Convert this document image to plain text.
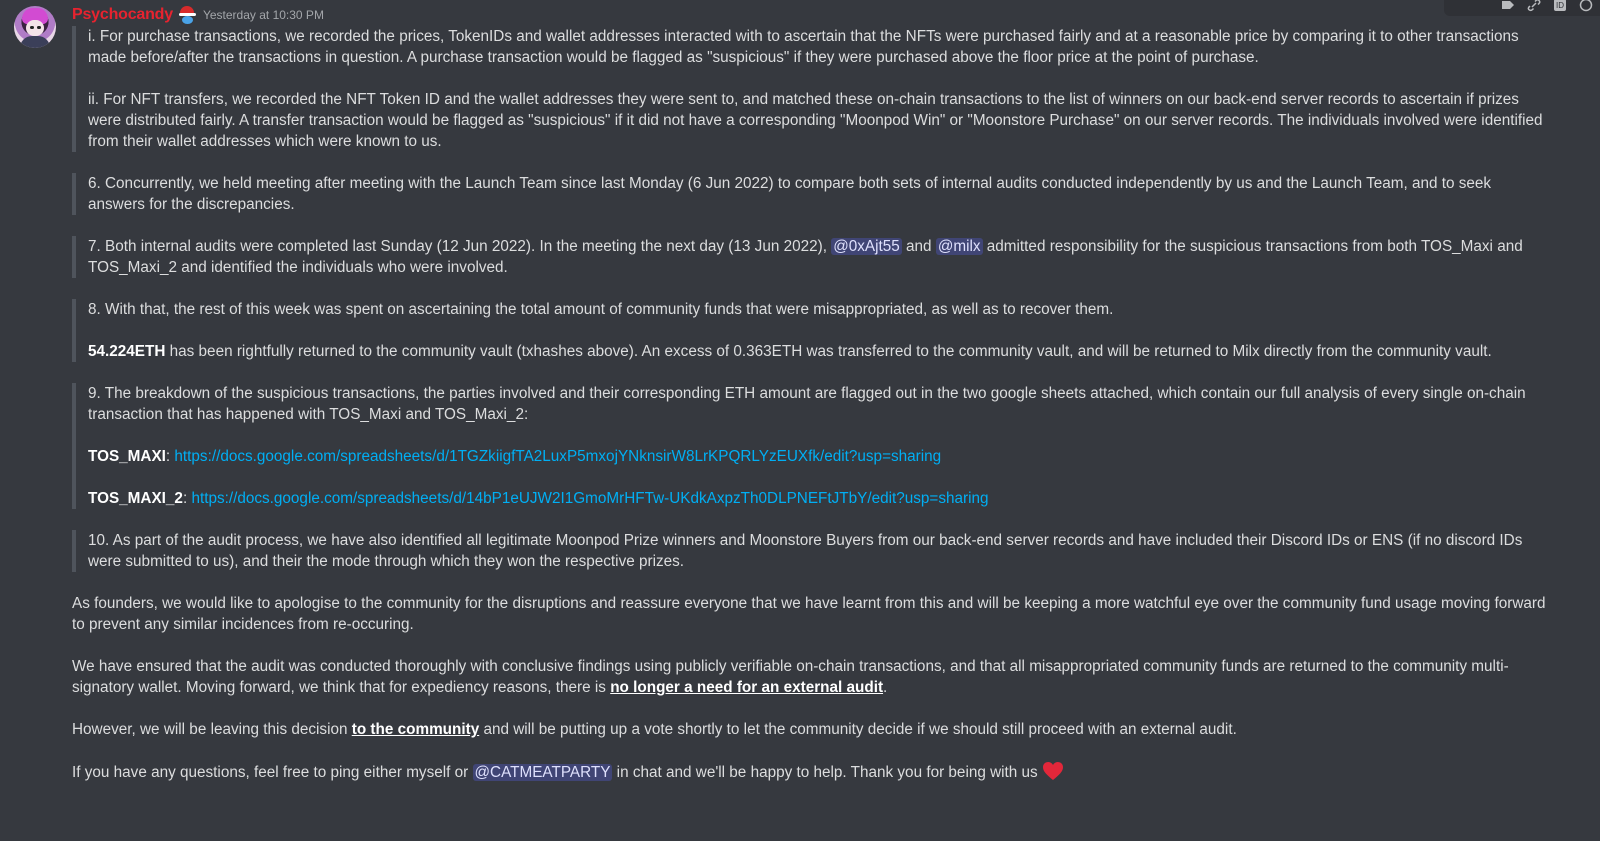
Psychocandy	Yesterday at 10:30 PM
ID

i. For purchase transactions, we recorded the prices, TokenIDs and wallet addresses interacted with to ascertain that the NFTs were purchased fairly and at a reasonable price by comparing it to other transactions made before/after the transactions in question. A purchase transaction would be flagged as "suspicious" if they were purchased above the floor price at the point of purchase.

ii. For NFT transfers, we recorded the NFT Token ID and the wallet addresses they were sent to, and matched these on-chain transactions to the list of winners on our back-end server records to ascertain if prizes were distributed fairly. A transfer transaction would be flagged as "suspicious" if it did not have a corresponding "Moonpod Win" or "Moonstore Purchase" on our server records. The individuals involved were identified from their wallet addresses which were known to us.

6. Concurrently, we held meeting after meeting with the Launch Team since last Monday (6 Jun 2022) to compare both sets of internal audits conducted independently by us and the Launch Team, and to seek answers for the discrepancies.

7. Both internal audits were completed last Sunday (12 Jun 2022). In the meeting the next day (13 Jun 2022), @0xAjt55 and @milx admitted responsibility for the suspicious transactions from both TOS_Maxi and TOS_Maxi_2 and identified the individuals who were involved.

8. With that, the rest of this week was spent on ascertaining the total amount of community funds that were misappropriated, as well as to recover them.

54.224ETH has been rightfully returned to the community vault (txhashes above). An excess of 0.363ETH was transferred to the community vault, and will be returned to Milx directly from the community vault.

9. The breakdown of the suspicious transactions, the parties involved and their corresponding ETH amount are flagged out in the two google sheets attached, which contain our full analysis of every single on-chain transaction that has happened with TOS_Maxi and TOS_Maxi_2:

TOS_MAXI: https://docs.google.com/spreadsheets/d/1TGZkiigfTA2LuxP5mxojYNknsirW8LrKPQRLYzEUXfk/edit?usp=sharing

TOS_MAXI_2: https://docs.google.com/spreadsheets/d/14bP1eUJW2I1GmoMrHFTw-UKdkAxpzTh0DLPNEFtJTbY/edit?usp=sharing

10. As part of the audit process, we have also identified all legitimate Moonpod Prize winners and Moonstore Buyers from our back-end server records and have included their Discord IDs or ENS (if no discord IDs were submitted to us), and their the mode through which they won the respective prizes.

As founders, we would like to apologise to the community for the disruptions and reassure everyone that we have learnt from this and will be keeping a more watchful eye over the community fund usage moving forward to prevent any similar incidences from re-occuring.

We have ensured that the audit was conducted thoroughly with conclusive findings using publicly verifiable on-chain transactions, and that all misappropriated community funds are returned to the community multi-signatory wallet. Moving forward, we think that for expediency reasons, there is no longer a need for an external audit.

However, we will be leaving this decision to the community and will be putting up a vote shortly to let the community decide if we should still proceed with an external audit.

If you have any questions, feel free to ping either myself or @CATMEATPARTY in chat and we'll be happy to help. Thank you for being with us
